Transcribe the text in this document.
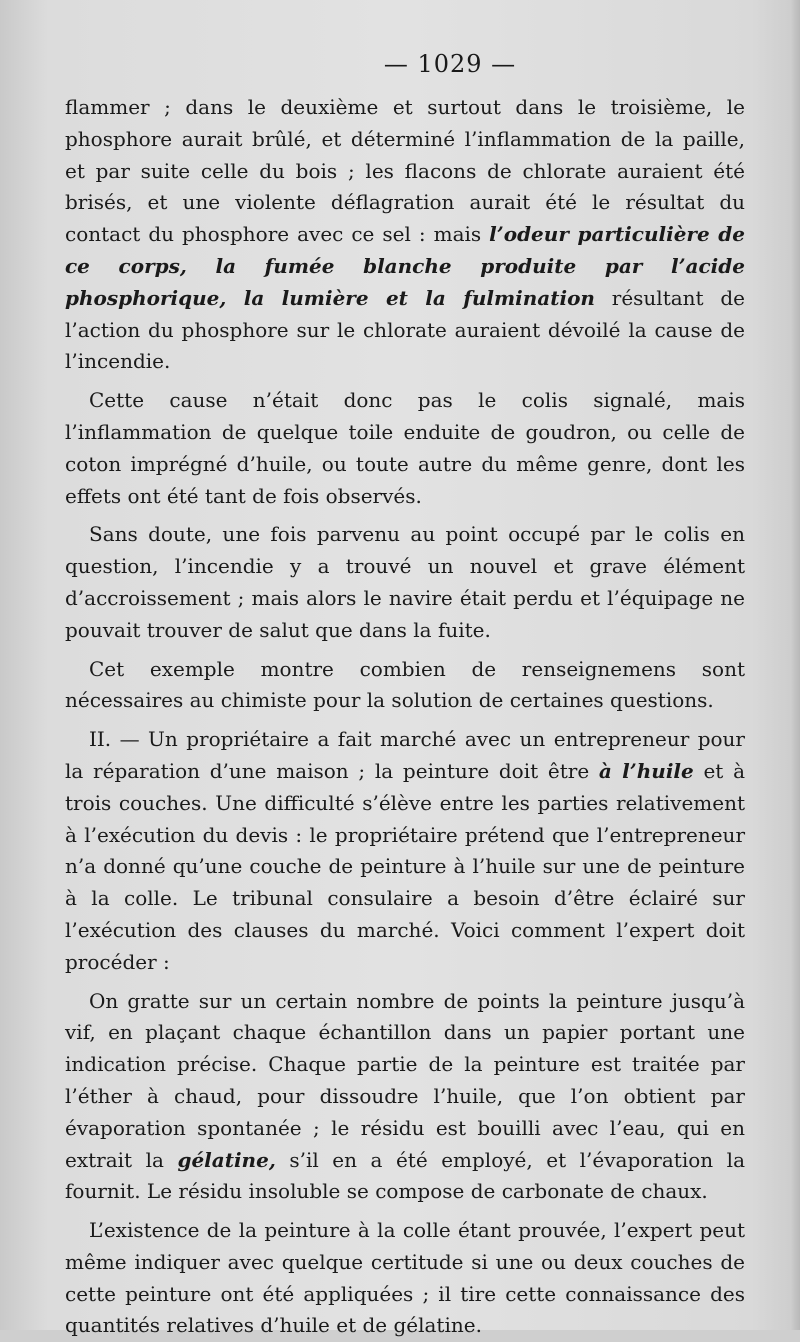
— 1029 —

flammer ; dans le deuxième et surtout dans le troisième, le phosphore aurait brûlé, et déterminé l’inflammation de la paille, et par suite celle du bois ; les flacons de chlorate auraient été brisés, et une violente déflagration aurait été le résultat du contact du phosphore avec ce sel : mais l’odeur particulière de ce corps, la fumée blanche produite par l’acide phosphorique, la lumière et la fulmination résultant de l’action du phosphore sur le chlorate auraient dévoilé la cause de l’incendie.

Cette cause n’était donc pas le colis signalé, mais l’inflammation de quelque toile enduite de goudron, ou celle de coton imprégné d’huile, ou toute autre du même genre, dont les effets ont été tant de fois observés.

Sans doute, une fois parvenu au point occupé par le colis en question, l’incendie y a trouvé un nouvel et grave élément d’accroissement ; mais alors le navire était perdu et l’équipage ne pouvait trouver de salut que dans la fuite.

Cet exemple montre combien de renseignemens sont nécessaires au chimiste pour la solution de certaines questions.

II. — Un propriétaire a fait marché avec un entrepreneur pour la réparation d’une maison ; la peinture doit être à l’huile et à trois couches. Une difficulté s’élève entre les parties relativement à l’exécution du devis : le propriétaire prétend que l’entrepreneur n’a donné qu’une couche de peinture à l’huile sur une de peinture à la colle. Le tribunal consulaire a besoin d’être éclairé sur l’exécution des clauses du marché. Voici comment l’expert doit procéder :

On gratte sur un certain nombre de points la peinture jusqu’à vif, en plaçant chaque échantillon dans un papier portant une indication précise. Chaque partie de la peinture est traitée par l’éther à chaud, pour dissoudre l’huile, que l’on obtient par évaporation spontanée ; le résidu est bouilli avec l’eau, qui en extrait la gélatine, s’il en a été employé, et l’évaporation la fournit. Le résidu insoluble se compose de carbonate de chaux.

L’existence de la peinture à la colle étant prouvée, l’expert peut même indiquer avec quelque certitude si une ou deux couches de cette peinture ont été appliquées ; il tire cette connaissance des quantités relatives d’huile et de gélatine.
